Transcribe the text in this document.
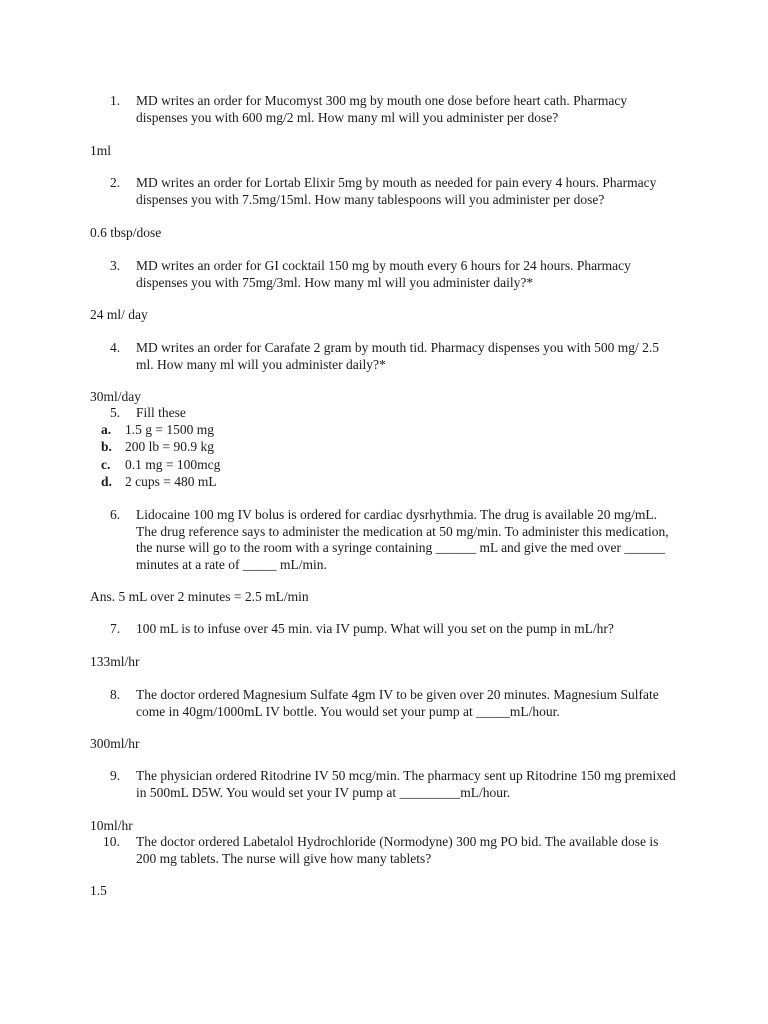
1.	MD writes an order for Mucomyst 300 mg by mouth one dose before heart cath. Pharmacy dispenses you with 600 mg/2 ml. How many ml will you administer per dose?
1ml
2.	MD writes an order for Lortab Elixir 5mg by mouth as needed for pain every 4 hours. Pharmacy dispenses you with 7.5mg/15ml. How many tablespoons will you administer per dose?
0.6 tbsp/dose
3.	MD writes an order for GI cocktail 150 mg by mouth every 6 hours for 24 hours. Pharmacy dispenses you with 75mg/3ml. How many ml will you administer daily?*
24 ml/ day
4.	MD writes an order for Carafate 2 gram by mouth tid. Pharmacy dispenses you with 500 mg/ 2.5 ml. How many ml will you administer daily?*
30ml/day
5.	Fill these
a. 1.5 g = 1500 mg
b. 200 lb = 90.9 kg
c. 0.1 mg = 100mcg
d. 2 cups = 480 mL
6.	Lidocaine 100 mg IV bolus is ordered for cardiac dysrhythmia. The drug is available 20 mg/mL. The drug reference says to administer the medication at 50 mg/min. To administer this medication, the nurse will go to the room with a syringe containing ______ mL and give the med over ______ minutes at a rate of _____ mL/min.
Ans. 5 mL over 2 minutes = 2.5 mL/min
7.	100 mL is to infuse over 45 min. via IV pump. What will you set on the pump in mL/hr?
133ml/hr
8.	The doctor ordered Magnesium Sulfate 4gm IV to be given over 20 minutes. Magnesium Sulfate come in 40gm/1000mL IV bottle. You would set your pump at _____mL/hour.
300ml/hr
9.	The physician ordered Ritodrine IV 50 mcg/min. The pharmacy sent up Ritodrine 150 mg premixed in 500mL D5W. You would set your IV pump at _________mL/hour.
10ml/hr
10. The doctor ordered Labetalol Hydrochloride (Normodyne) 300 mg PO bid. The available dose is 200 mg tablets. The nurse will give how many tablets?
1.5
